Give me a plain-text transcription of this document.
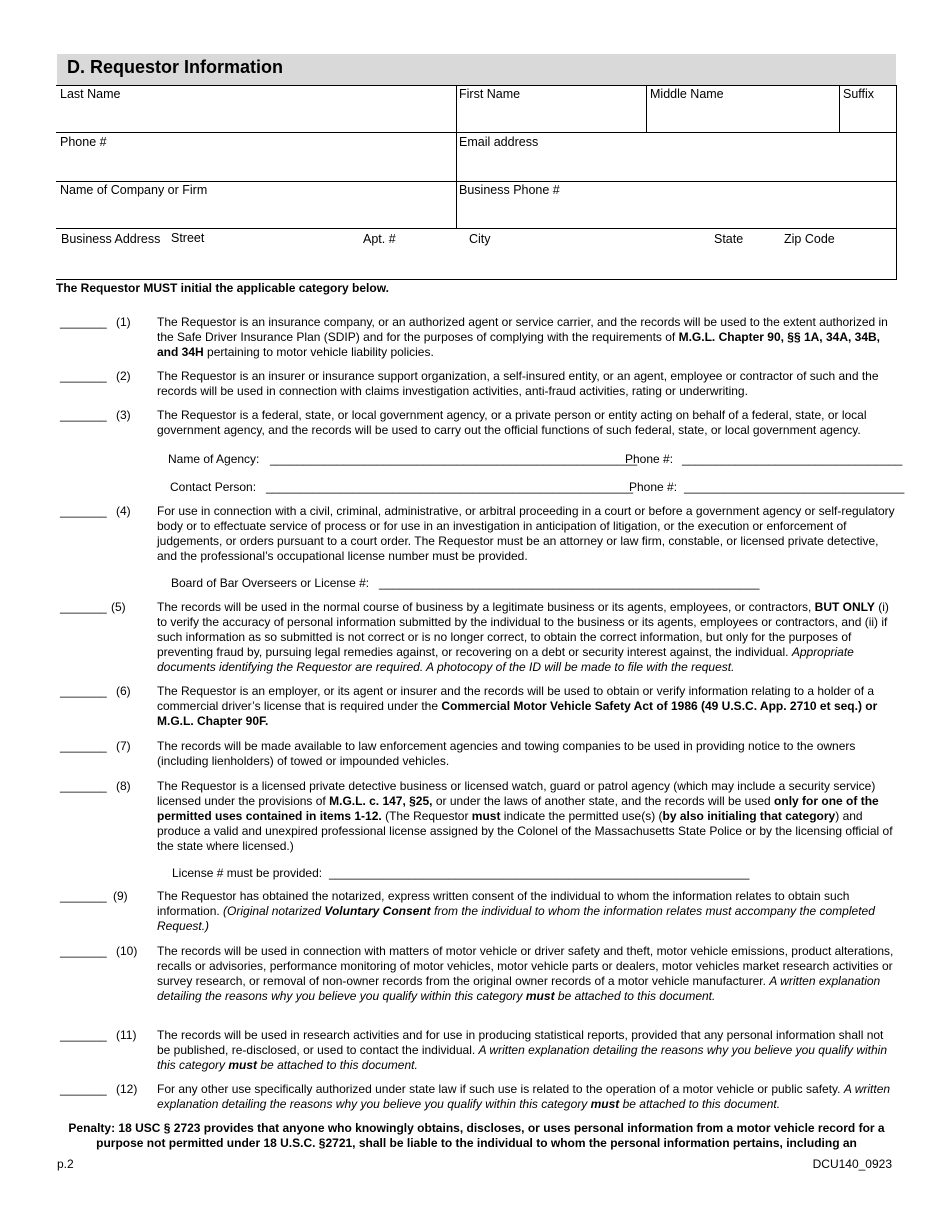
D. Requestor Information
Last Name	First Name	Middle Name	Suffix
Phone #	Email address
Name of Company or Firm	Business Phone #
Business Address Street	Apt. #	City	State	Zip Code
The Requestor MUST initial the applicable category below.
_______ (1) The Requestor is an insurance company, or an authorized agent or service carrier, and the records will be used to the extent authorized in the Safe Driver Insurance Plan (SDIP) and for the purposes of complying with the requirements of M.G.L. Chapter 90, §§ 1A, 34A, 34B, and 34H pertaining to motor vehicle liability policies.
_______ (2) The Requestor is an insurer or insurance support organization, a self-insured entity, or an agent, employee or contractor of such and the records will be used in connection with claims investigation activities, anti-fraud activities, rating or underwriting.
_______ (3) The Requestor is a federal, state, or local government agency, or a private person or entity acting on behalf of a federal, state, or local government agency, and the records will be used to carry out the official functions of such federal, state, or local government agency.
Name of Agency: _______________________________________________________
Phone #: _________________________________
Contact Person: _______________________________________________________
Phone #: _________________________________
_______ (4) For use in connection with a civil, criminal, administrative, or arbitral proceeding in a court or before a government agency or self-regulatory body or to effectuate service of process or for use in an investigation in anticipation of litigation, or the execution or enforcement of judgements, or orders pursuant to a court order. The Requestor must be an attorney or law firm, constable, or licensed private detective, and the professional’s occupational license number must be provided.
Board of Bar Overseers or License #: _________________________________________________________
_______ (5)	The records will be used in the normal course of business by a legitimate business or its agents, employees, or contractors, BUT ONLY (i) to verify the accuracy of personal information submitted by the individual to the business or its agents, employees or contractors, and (ii) if such information as so submitted is not correct or is no longer correct, to obtain the correct information, but only for the purposes of preventing fraud by, pursuing legal remedies against, or recovering on a debt or security interest against, the individual. Appropriate documents identifying the Requestor are required. A photocopy of the ID will be made to file with the request.
_______ (6) The Requestor is an employer, or its agent or insurer and the records will be used to obtain or verify information relating to a holder of a commercial driver’s license that is required under the Commercial Motor Vehicle Safety Act of 1986 (49 U.S.C. App. 2710 et seq.) or M.G.L. Chapter 90F.
_______ (7) The records will be made available to law enforcement agencies and towing companies to be used in providing notice to the owners (including lienholders) of towed or impounded vehicles.
_______ (8) The Requestor is a licensed private detective business or licensed watch, guard or patrol agency (which may include a security service) licensed under the provisions of M.G.L. c. 147, §25, or under the laws of another state, and the records will be used only for one of the permitted uses contained in items 1-12. (The Requestor must indicate the permitted use(s) (by also initialing that category) and produce a valid and unexpired professional license assigned by the Colonel of the Massachusetts State Police or by the licensing official of the state where licensed.)
License # must be provided: _______________________________________________________________
_______ (9) The Requestor has obtained the notarized, express written consent of the individual to whom the information relates to obtain such information. (Original notarized Voluntary Consent from the individual to whom the information relates must accompany the completed Request.)
_______ (10) The records will be used in connection with matters of motor vehicle or driver safety and theft, motor vehicle emissions, product alterations, recalls or advisories, performance monitoring of motor vehicles, motor vehicle parts or dealers, motor vehicles market research activities or survey research, or removal of non-owner records from the original owner records of a motor vehicle manufacturer. A written explanation detailing the reasons why you believe you qualify within this category must be attached to this document.
_______ (11) The records will be used in research activities and for use in producing statistical reports, provided that any personal information shall not be published, re-disclosed, or used to contact the individual. A written explanation detailing the reasons why you believe you qualify within this category must be attached to this document.
_______ (12) For any other use specifically authorized under state law if such use is related to the operation of a motor vehicle or public safety. A written explanation detailing the reasons why you believe you qualify within this category must be attached to this document.
Penalty: 18 USC § 2723 provides that anyone who knowingly obtains, discloses, or uses personal information from a motor vehicle record for a purpose not permitted under 18 U.S.C. §2721, shall be liable to the individual to whom the personal information pertains, including an
p.2	DCU140_0923
